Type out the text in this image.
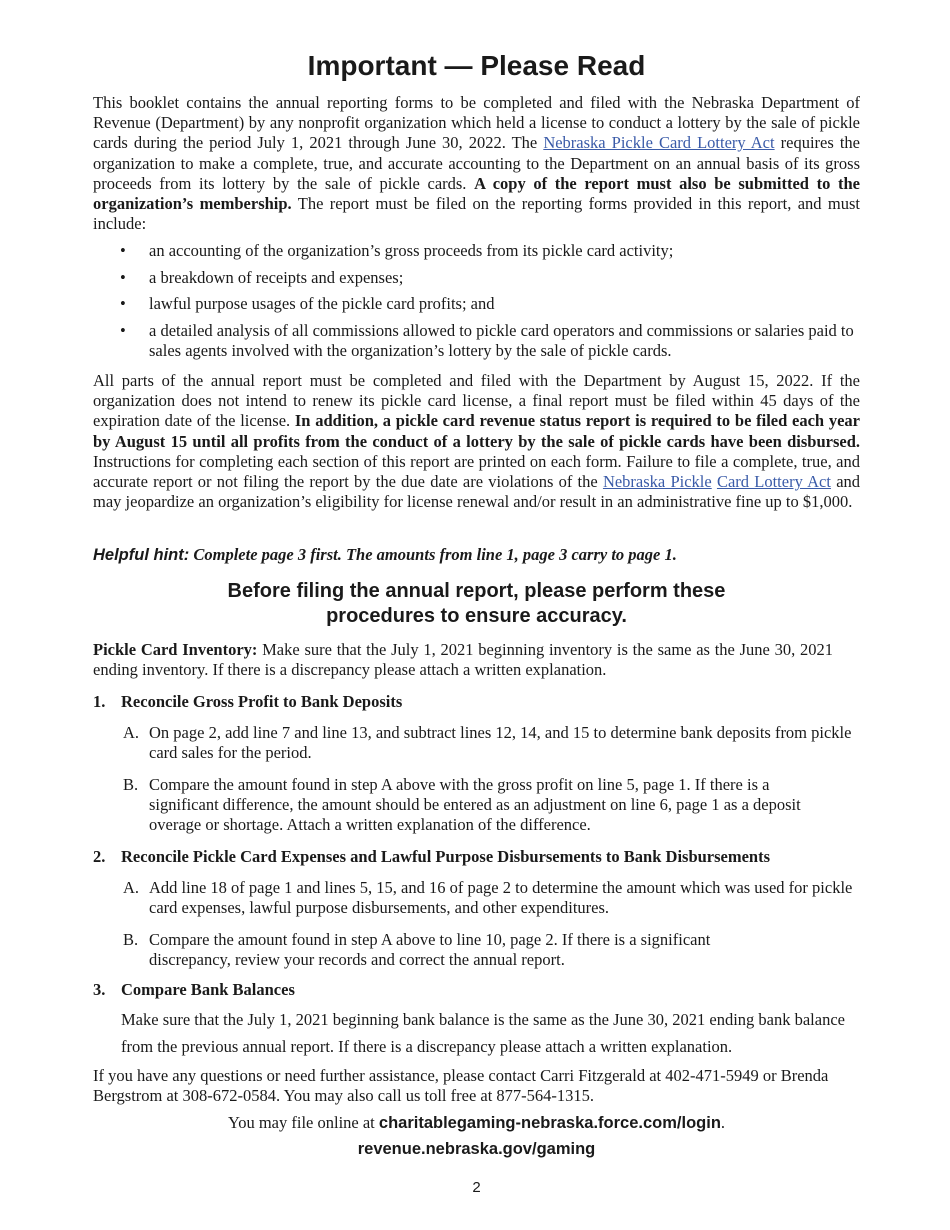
Important — Please Read

This booklet contains the annual reporting forms to be completed and filed with the Nebraska Department of Revenue (Department) by any nonprofit organization which held a license to conduct a lottery by the sale of pickle cards during the period July 1, 2021 through June 30, 2022. The Nebraska Pickle Card Lottery Act requires the organization to make a complete, true, and accurate accounting to the Department on an annual basis of its gross proceeds from its lottery by the sale of pickle cards. A copy of the report must also be submitted to the organization’s membership. The report must be filed on the reporting forms provided in this report, and must include:

• an accounting of the organization’s gross proceeds from its pickle card activity;
• a breakdown of receipts and expenses;
• lawful purpose usages of the pickle card profits; and
• a detailed analysis of all commissions allowed to pickle card operators and commissions or salaries paid to sales agents involved with the organization’s lottery by the sale of pickle cards.

All parts of the annual report must be completed and filed with the Department by August 15, 2022. If the organization does not intend to renew its pickle card license, a final report must be filed within 45 days of the expiration date of the license. In addition, a pickle card revenue status report is required to be filed each year by August 15 until all profits from the conduct of a lottery by the sale of pickle cards have been disbursed. Instructions for completing each section of this report are printed on each form. Failure to file a complete, true, and accurate report or not filing the report by the due date are violations of the Nebraska Pickle Card Lottery Act and may jeopardize an organization’s eligibility for license renewal and/or result in an administrative fine up to $1,000.

Helpful hint: Complete page 3 first. The amounts from line 1, page 3 carry to page 1.

Before filing the annual report, please perform these
procedures to ensure accuracy.

Pickle Card Inventory: Make sure that the July 1, 2021 beginning inventory is the same as the June 30, 2021 ending inventory. If there is a discrepancy please attach a written explanation.

1. Reconcile Gross Profit to Bank Deposits
A. On page 2, add line 7 and line 13, and subtract lines 12, 14, and 15 to determine bank deposits from pickle card sales for the period.
B. Compare the amount found in step A above with the gross profit on line 5, page 1. If there is a significant difference, the amount should be entered as an adjustment on line 6, page 1 as a deposit overage or shortage. Attach a written explanation of the difference.
2. Reconcile Pickle Card Expenses and Lawful Purpose Disbursements to Bank Disbursements
A. Add line 18 of page 1 and lines 5, 15, and 16 of page 2 to determine the amount which was used for pickle card expenses, lawful purpose disbursements, and other expenditures.
B. Compare the amount found in step A above to line 10, page 2. If there is a significant discrepancy, review your records and correct the annual report.
3. Compare Bank Balances
Make sure that the July 1, 2021 beginning bank balance is the same as the June 30, 2021 ending bank balance from the previous annual report. If there is a discrepancy please attach a written explanation.

If you have any questions or need further assistance, please contact Carri Fitzgerald at 402-471-5949 or Brenda Bergstrom at 308-672-0584. You may also call us toll free at 877-564-1315.

You may file online at charitablegaming-nebraska.force.com/login.

revenue.nebraska.gov/gaming

2
